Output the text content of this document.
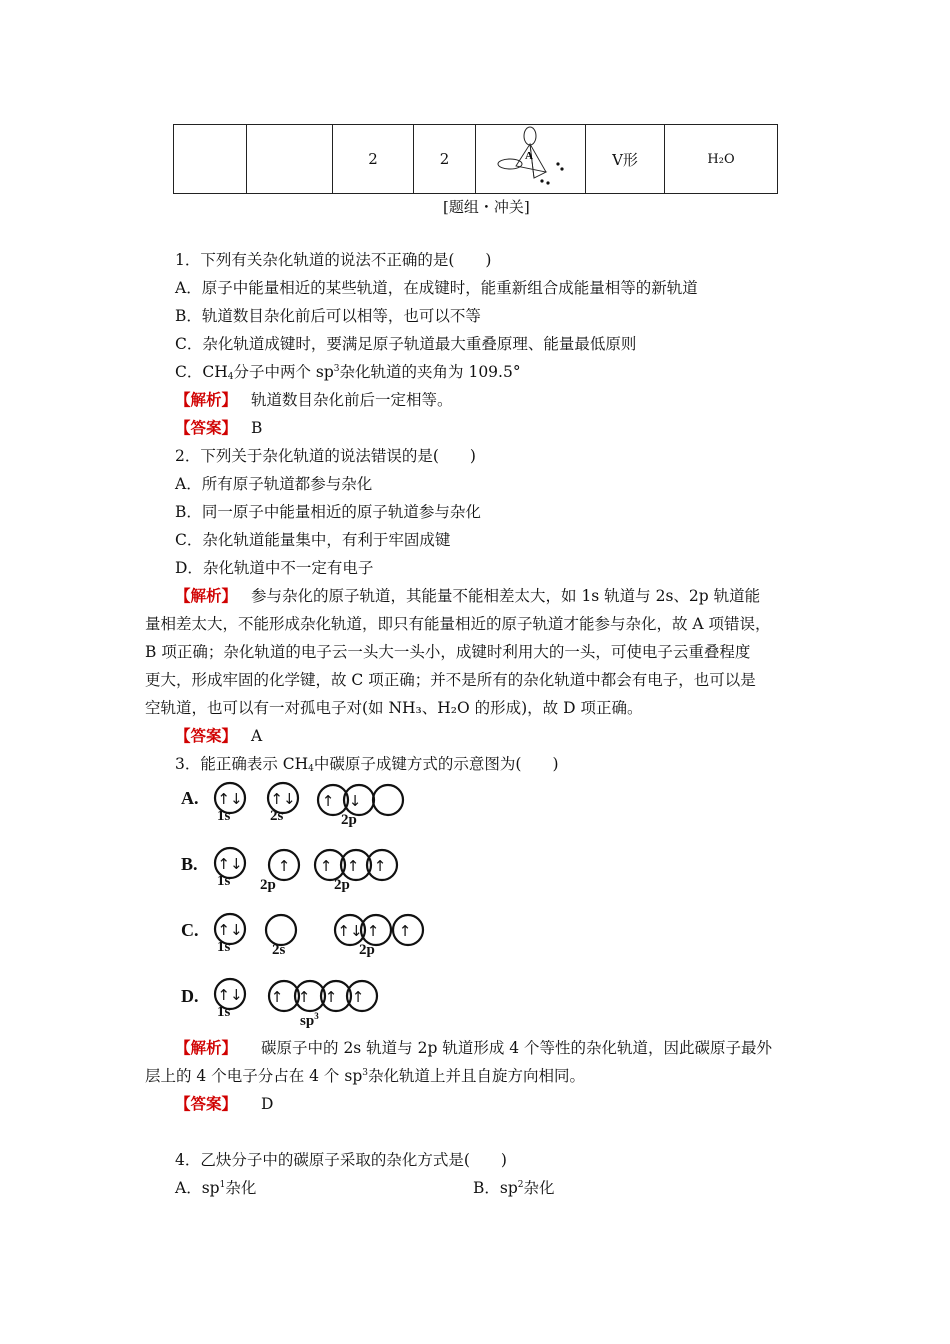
		2	2	A	V形	H₂O
[题组・冲关]
1．下列有关杂化轨道的说法不正确的是(　　)
A．原子中能量相近的某些轨道，在成键时，能重新组合成能量相等的新轨道
B．轨道数目杂化前后可以相等，也可以不等
C．杂化轨道成键时，要满足原子轨道最大重叠原理、能量最低原则
C．$CH_4$分子中两个 $sp^3$杂化轨道的夹角为 109.5°
【解析】 轨道数目杂化前后一定相等。
【答案】 B
2．下列关于杂化轨道的说法错误的是(　　)
A．所有原子轨道都参与杂化
B．同一原子中能量相近的原子轨道参与杂化
C．杂化轨道能量集中，有利于牢固成键
D．杂化轨道中不一定有电子
【解析】 参与杂化的原子轨道，其能量不能相差太大，如 1s 轨道与 2s、2p 轨道能
量相差太大，不能形成杂化轨道，即只有能量相近的原子轨道才能参与杂化，故 A 项错误，
B 项正确；杂化轨道的电子云一头大一头小，成键时利用大的一头，可使电子云重叠程度
更大，形成牢固的化学键，故 C 项正确；并不是所有的杂化轨道中都会有电子，也可以是
空轨道，也可以有一对孤电子对(如 NH₃、H₂O 的形成)，故 D 项正确。
【答案】 A
3．能正确表示 $CH_4$中碳原子成键方式的示意图为(　　)
A.
B.
C.
D.
↑↓ ↑↓ ↑ ↓
↑↓ ↑ ↑ ↑ ↑
↑↓	↑↓ ↑ ↑
↑↓ ↑ ↑ ↑ ↑
1s	2s	2p
1s 2p	2p
1s	2s	2p
1s
$sp^3$
【解析】 碳原子中的 2s 轨道与 2p 轨道形成 4 个等性的杂化轨道，因此碳原子最外
层上的 4 个电子分占在 4 个 $sp^3$杂化轨道上并且自旋方向相同。
【答案】 D
4．乙炔分子中的碳原子采取的杂化方式是(　　)
A．$sp^1$杂化	B．$sp^2$杂化
